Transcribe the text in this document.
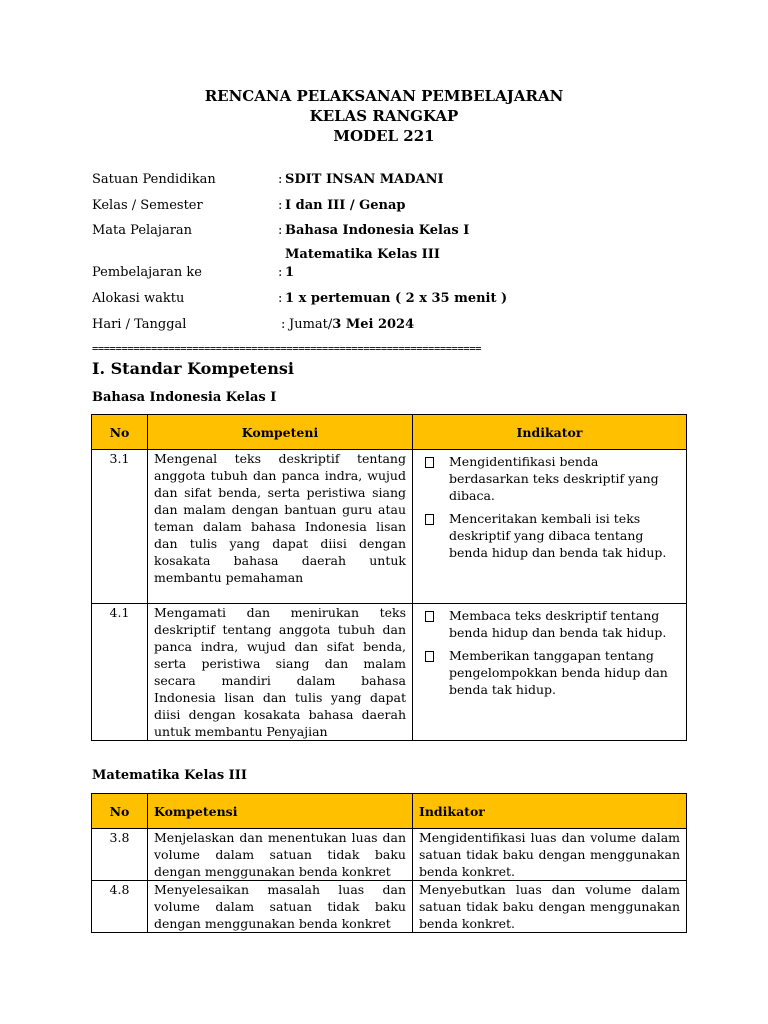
RENCANA PELAKSANAN PEMBELAJARAN
KELAS RANGKAP
MODEL 221
Satuan Pendidikan	: SDIT INSAN MADANI
Kelas / Semester	: I dan III / Genap
Mata Pelajaran	: Bahasa Indonesia Kelas I
Matematika Kelas III
Pembelajaran ke	: 1
Alokasi waktu	: 1 x pertemuan ( 2 x 35 menit )
Hari / Tanggal	: Jumat/3 Mei 2024
==================================================================
I. Standar Kompetensi
Bahasa Indonesia Kelas I
No	Kompeteni	Indikator
3.1	Mengenal teks deskriptif tentang anggota tubuh dan panca indra, wujud dan sifat benda, serta peristiwa siang dan malam dengan bantuan guru atau teman dalam bahasa Indonesia lisan dan tulis yang dapat diisi dengan kosakata bahasa daerah untuk membantu pemahaman	Mengidentifikasi benda berdasarkan teks deskriptif yang dibaca.
Menceritakan kembali isi teks deskriptif yang dibaca tentang benda hidup dan benda tak hidup.

4.1	Mengamati dan menirukan teks deskriptif tentang anggota tubuh dan panca indra, wujud dan sifat benda, serta peristiwa siang dan malam secara mandiri dalam bahasa Indonesia lisan dan tulis yang dapat diisi dengan kosakata bahasa daerah untuk membantu Penyajian	Membaca teks deskriptif tentang benda hidup dan benda tak hidup.
Memberikan tanggapan tentang pengelompokkan benda hidup dan benda tak hidup.
Matematika Kelas III
No	Kompetensi	Indikator
3.8	Menjelaskan dan menentukan luas dan volume dalam satuan tidak baku dengan menggunakan benda konkret	Mengidentifikasi luas dan volume dalam satuan tidak baku dengan menggunakan benda konkret.
4.8	Menyelesaikan masalah luas dan volume dalam satuan tidak baku dengan menggunakan benda konkret	Menyebutkan luas dan volume dalam satuan tidak baku dengan menggunakan benda konkret.
